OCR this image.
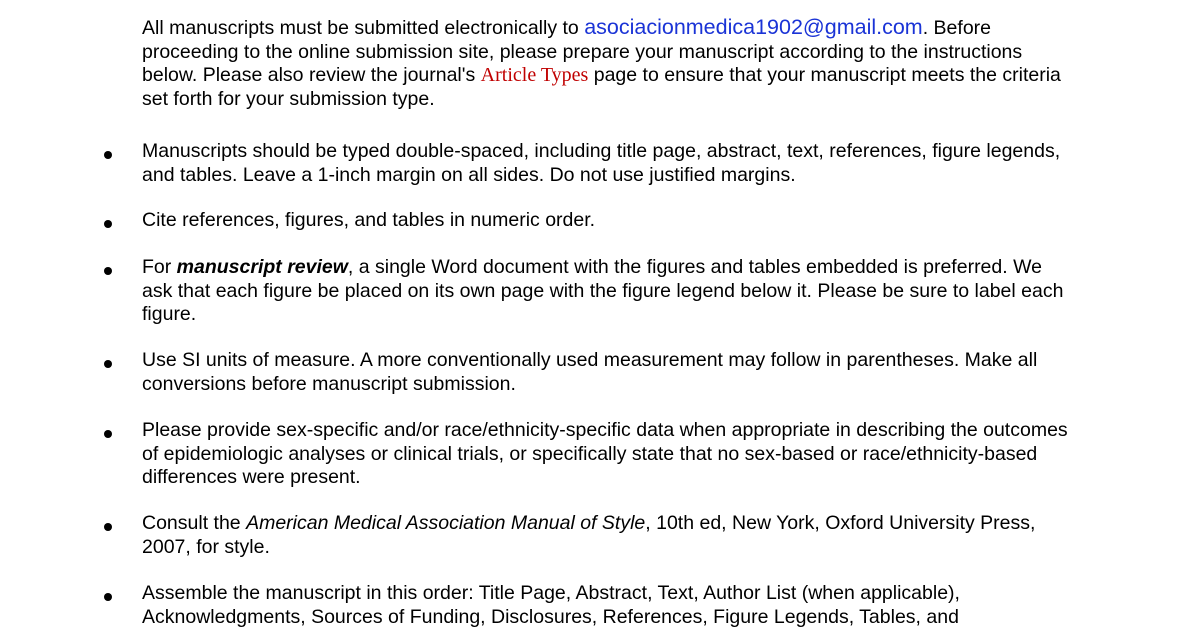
All manuscripts must be submitted electronically to asociacionmedica1902@gmail.com. Before proceeding to the online submission site, please prepare your manuscript according to the instructions below. Please also review the journal's Article Types page to ensure that your manuscript meets the criteria set forth for your submission type.

Manuscripts should be typed double-spaced, including title page, abstract, text, references, figure legends, and tables. Leave a 1-inch margin on all sides. Do not use justified margins.

Cite references, figures, and tables in numeric order.

For manuscript review, a single Word document with the figures and tables embedded is preferred. We ask that each figure be placed on its own page with the figure legend below it. Please be sure to label each figure.

Use SI units of measure. A more conventionally used measurement may follow in parentheses. Make all conversions before manuscript submission.

Please provide sex-specific and/or race/ethnicity-specific data when appropriate in describing the outcomes of epidemiologic analyses or clinical trials, or specifically state that no sex-based or race/ethnicity-based differences were present.

Consult the American Medical Association Manual of Style, 10th ed, New York, Oxford University Press, 2007, for style.

Assemble the manuscript in this order: Title Page, Abstract, Text, Author List (when applicable), Acknowledgments, Sources of Funding, Disclosures, References, Figure Legends, Tables, and
